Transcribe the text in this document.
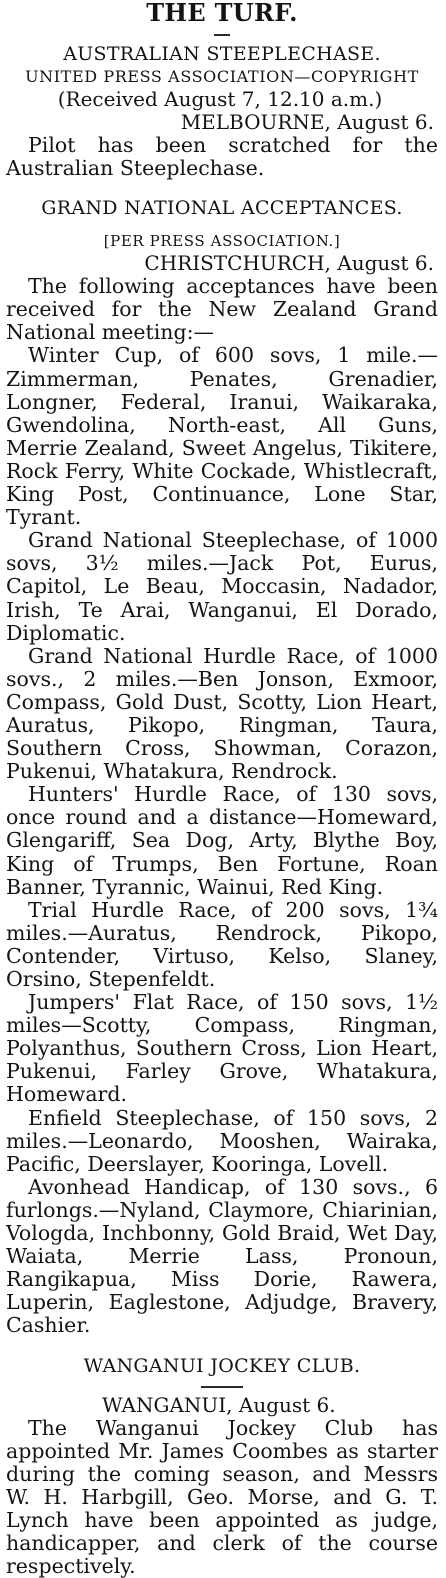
THE TURF.
AUSTRALIAN STEEPLECHASE.

UNITED PRESS ASSOCIATION—COPYRIGHT

(Received August 7, 12.10 a.m.)

MELBOURNE, August 6.

Pilot has been scratched for the Australian Steeplechase.

GRAND NATIONAL ACCEPTANCES.

[PER PRESS ASSOCIATION.]

CHRISTCHURCH, August 6.

The following acceptances have been received for the New Zealand Grand National meeting:—

Winter Cup, of 600 sovs, 1 mile.—Zimmerman, Penates, Grenadier, Longner, Federal, Iranui, Waikaraka, Gwendolina, North-east, All Guns, Merrie Zealand, Sweet Angelus, Tikitere, Rock Ferry, White Cockade, Whistlecraft, King Post, Continuance, Lone Star, Tyrant.

Grand National Steeplechase, of 1000 sovs, 3½ miles.—Jack Pot, Eurus, Capitol, Le Beau, Moccasin, Nadador, Irish, Te Arai, Wanganui, El Dorado, Diplomatic.

Grand National Hurdle Race, of 1000 sovs., 2 miles.—Ben Jonson, Exmoor, Compass, Gold Dust, Scotty, Lion Heart, Auratus, Pikopo, Ringman, Taura, Southern Cross, Showman, Corazon, Pukenui, Whatakura, Rendrock.

Hunters' Hurdle Race, of 130 sovs, once round and a distance—Homeward, Glengariff, Sea Dog, Arty, Blythe Boy, King of Trumps, Ben Fortune, Roan Banner, Tyrannic, Wainui, Red King.

Trial Hurdle Race, of 200 sovs, 1¾ miles.—Auratus, Rendrock, Pikopo, Contender, Virtuso, Kelso, Slaney, Orsino, Stepenfeldt.

Jumpers' Flat Race, of 150 sovs, 1½ miles—Scotty, Compass, Ringman, Polyanthus, Southern Cross, Lion Heart, Pukenui, Farley Grove, Whatakura, Homeward.

Enfield Steeplechase, of 150 sovs, 2 miles.—Leonardo, Mooshen, Wairaka, Pacific, Deerslayer, Kooringa, Lovell.

Avonhead Handicap, of 130 sovs., 6 furlongs.—Nyland, Claymore, Chiarinian, Vologda, Inchbonny, Gold Braid, Wet Day, Waiata, Merrie Lass, Pronoun, Rangikapua, Miss Dorie, Rawera, Luperin, Eaglestone, Adjudge, Bravery, Cashier.

WANGANUI JOCKEY CLUB.

WANGANUI, August 6.

The Wanganui Jockey Club has appointed Mr. James Coombes as starter during the coming season, and Messrs W. H. Harbgill, Geo. Morse, and G. T. Lynch have been appointed as judge, handicapper, and clerk of the course respectively.
